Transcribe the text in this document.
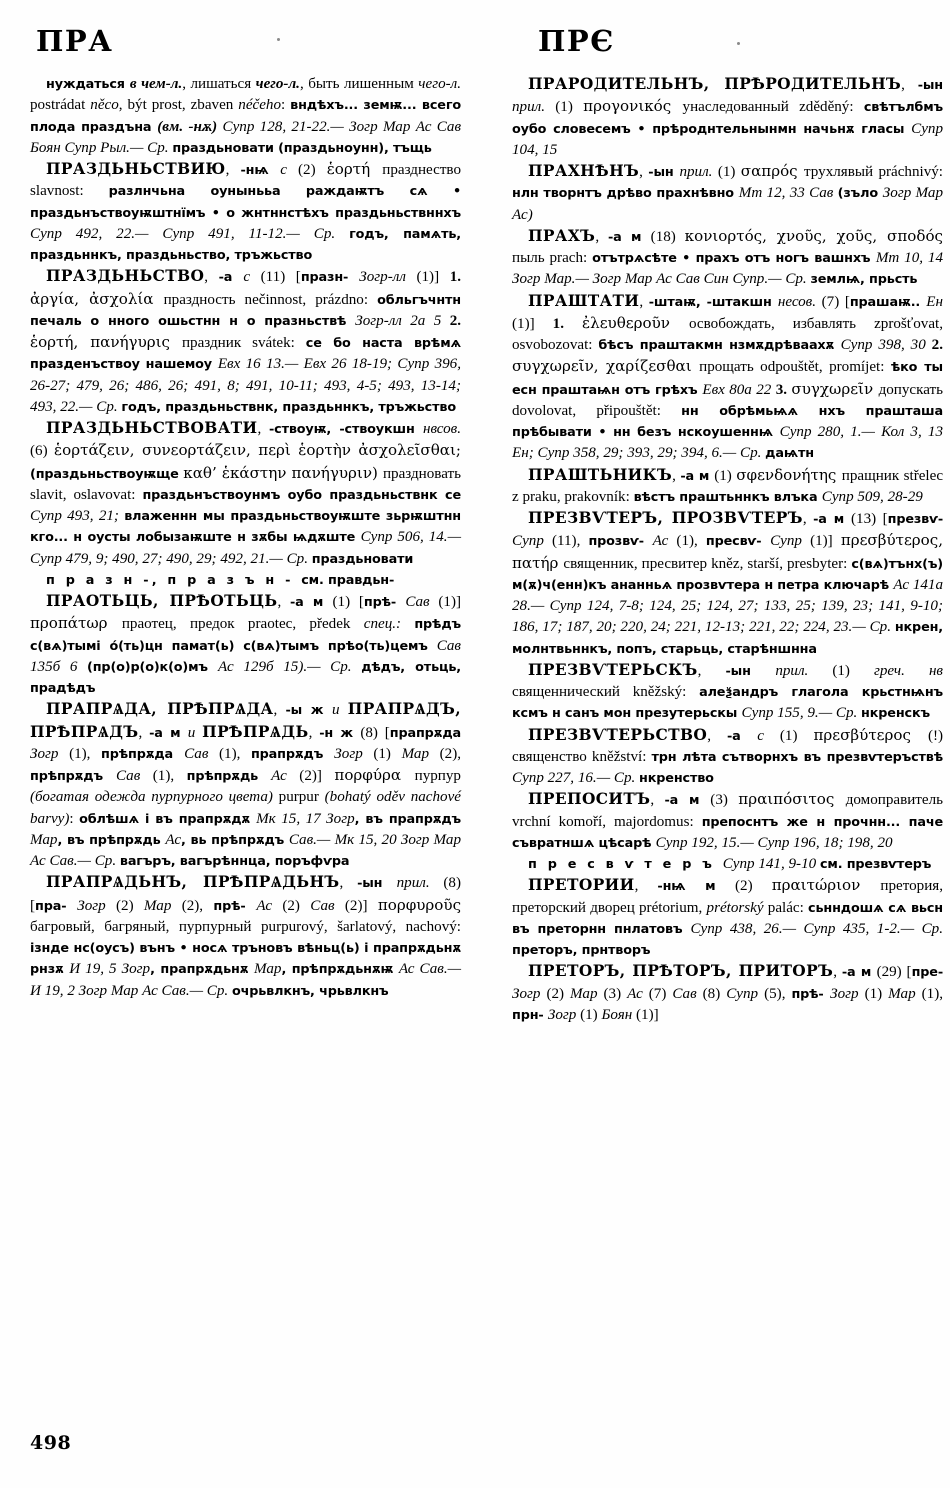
ПРА	ПРЄ

нуждаться в чем-л., лишаться чего-л., быть лишенным чего-л. postrádat něco, být prost, zbaven néčeho: вндѣхъ... земѭ... всего плода праздъна (вм. -нѫ) Супр 128, 21-22.— Зогр Мар Ас Сав Боян Супр Рыл.— Ср. праздьновати (праздьноунн), тъщь

ПРАЗДЬНЬСТВИЮ, -нѩ с (2) ἑορτή празднество slavnost: разлнчьна оунынььа раждаѭтъ сѧ • праздьнъствоуѭштнїмъ • о жнтннстѣхъ праздьньствннхъ Супр 492, 22.— Супр 491, 11-12.— Ср. годъ, памѧть, праздьннкъ, праздьньство, тръжьство

ПРАЗДЬНЬСТВО, -а с (11) [празн- Зогр-лл (1)] 1. ἀργία, ἀσχολία праздность nečinnost, prázdno: обльгъчнтн печаль о нного ошьстнн н о празньствѣ Зогр-лл 2а 5 2. ἑορτή, πανήγυρις праздник svátek: се бо наста врѣмѧ празденъствоу нашемоу Евх 16 13.— Евх 26 18-19; Супр 396, 26-27; 479, 26; 486, 26; 491, 8; 491, 10-11; 493, 4-5; 493, 13-14; 493, 22.— Ср. годъ, праздьньствнк, праздьннкъ, тръжьство

ПРАЗДЬНЬСТВОВАТИ, -ствоуѭ, -ствоукшн нвсов. (6) ἑορτάζειν, συνεορτάζειν, περὶ ἑορτὴν ἀσχολεῖσθαι; (праздьньствоуѭще καθ’ ἑκάστην πανήγυριν) праздновать slavit, oslavovat: праздьнъствоунмъ оубо праздьньствнк се Супр 493, 21; влаженнн мы праздьньствоуѭште зьрѭштнн кго... н оусты лобызаѭште н зѫбы ѩдѫште Супр 506, 14.— Супр 479, 9; 490, 27; 490, 29; 492, 21.— Ср. праздьновати

п р а з н -, п р а з ъ н - см. правдьн-

ПРАОТЬЦЬ, ПРѢОТЬЦЬ, -а м (1) [прѣ- Сав (1)] προπάτωρ праотец, предок praotec, předek спец.: прѣдъ с(вѧ)тымі о́(ть)цн памат(ь) с(вѧ)тымъ прѣо(ть)цемъ Сав 135б 6 (пр(о)р(о)к(о)мъ Ас 129б 15).— Ср. дѣдъ, отьць, прадѣдъ

ПРАПРѦДА, ПРѢПРѦДА, -ы ж и ПРАПРѦДЪ, ПРѢПРѦДЪ, -а м и ПРѢПРѦДЬ, -н ж (8) [прапрѫда Зогр (1), прѣпрѫда Сав (1), прапрѫдъ Зогр (1) Мар (2), прѣпрѫдъ Сав (1), прѣпрѫдь Ас (2)] πορφύρα пурпур (богатая одежда пурпурного цвета) purpur (bohatý oděv nachové barvy): облѣшѧ і въ прапрѫдѫ Мк 15, 17 Зогр, въ прапрѫдъ Мар, въ прѣпрѫдь Ас, вь прѣпрѫдъ Сав.— Мк 15, 20 Зогр Мар Ас Сав.— Ср. вагъръ, вагърѣннца, поръфѵра

ПРАПРѦДЬНЪ, ПРѢПРѦДЬНЪ, -ын прил. (8) [пра- Зогр (2) Мар (2), прѣ- Ас (2) Сав (2)] πορφυροῦς багровый, багряный, пурпурный purpurový, šarlatový, nachový: ізнде нс(оусъ) вънъ • носѧ тръновъ вѣньц(ь) і прапрѫдьнѫ рнзѫ И 19, 5 Зогр, прапрѫдьнѫ Мар, прѣпрѫдьнѫѭ Ас Сав.— И 19, 2 Зогр Мар Ас Сав.— Ср. очрьвлкнъ, чрьвлкнъ

ПРАРОДИТЕЛЬНЪ, ПРѢРОДИТЕЛЬНЪ, -ын прил. (1) προγονικός унаследованный zděděný: свѣтълбмъ оубо словесемъ • прѣроднтельнынмн начьнѫ гласы Супр 104, 15

ПРАХНѢНЪ, -ын прил. (1) σαπρός трухлявый práchnivý: нлн творнтъ дрѣво прахнѣвно Мт 12, 33 Сав (зъло Зогр Мар Ас)

ПРАХЪ, -а м (18) κονιορτός, χνοῦς, χοῦς, σποδός пыль prach: отътрѧсѣте • прахъ отъ ногъ вашнхъ Мт 10, 14 Зогр Мар.— Зогр Мар Ас Сав Син Супр.— Ср. землѩ, прьсть

ПРАШТАТИ, -штаѭ, -штакшн несов. (7) [прашаѭ.. Ен (1)] 1. ἐλευθεροῦν освобождать, избавлять zprošťovat, osvobozovat: бѣсъ праштакмн нзмѫдрѣваахѫ Супр 398, 30 2. συγχωρεῖν, χαρίζεσθαι прощать odpouštět, promíjet: ѣко ты есн праштаѩн отъ грѣхъ Евх 80а 22 3. συγχωρεῖν допускать dovolovat, připouštět: нн обрѣмьѩѧ нхъ прашташа прѣбывати • нн безъ нскоушеннѩ Супр 280, 1.— Кол 3, 13 Ен; Супр 358, 29; 393, 29; 394, 6.— Ср. даѩтн

ПРАШТЬНИКЪ, -а м (1) σφενδονήτης пращник střelec z praku, prakovník: вѣстъ праштьннкъ влъка Супр 509, 28-29

ПРЕЗВѴТЕРЪ, ПРОЗВѴТЕРЪ, -а м (13) [презвѵ- Супр (11), прозвѵ- Ас (1), пресвѵ- Супр (1)] πρεσβύτερος, πατήρ священник, пресвитер kněz, starší, presbyter: с(вѧ)тънх(ъ) м(ѫ)ч(енн)къ ананньѧ прозвѵтера н петра ключарѣ Ас 141а 28.— Супр 124, 7-8; 124, 25; 124, 27; 133, 25; 139, 23; 141, 9-10; 186, 17; 187, 20; 220, 24; 221, 12-13; 221, 22; 224, 23.— Ср. нкрен, молнтвьннкъ, попъ, старьць, старѣншнна

ПРЕЗВѴТЕРЬСКЪ, -ын прил. (1) греч. нв священнический kněžský: алеѯандръ глагола крьстнѩнъ ксмъ н санъ мон презутерьскы Супр 155, 9.— Ср. нкренскъ

ПРЕЗВѴТЕРЬСТВО, -а с (1) πρεσβύτερος (!) священство kněžství: трн лѣта сътворнхъ въ презвѵтеръствѣ Супр 227, 16.— Ср. нкренство

ПРЕПОСИТЪ, -а м (3) πραιπόσιτος домоправитель vrchní komoří, majordomus: препоснтъ же н прочнн... паче съвратншѧ цѣсарѣ Супр 192, 15.— Супр 196, 18; 198, 20

п р е с в ѵ т е р ъ Супр 141, 9-10 см. презвѵтеръ

ПРЕТОРИИ, -нѩ м (2) πραιτώριον претория, преторский дворец prétorium, prétorský palác: сьнндошѧ сѧ вьсн въ преторнн пнлатовъ Супр 438, 26.— Супр 435, 1-2.— Ср. преторъ, прнтворъ

ПРЕТОРЪ, ПРѢТОРЪ, ПРИТОРЪ, -а м (29) [пре- Зогр (2) Мар (3) Ас (7) Сав (8) Супр (5), прѣ- Зогр (1) Мар (1), прн- Зогр (1) Боян (1)]

498
